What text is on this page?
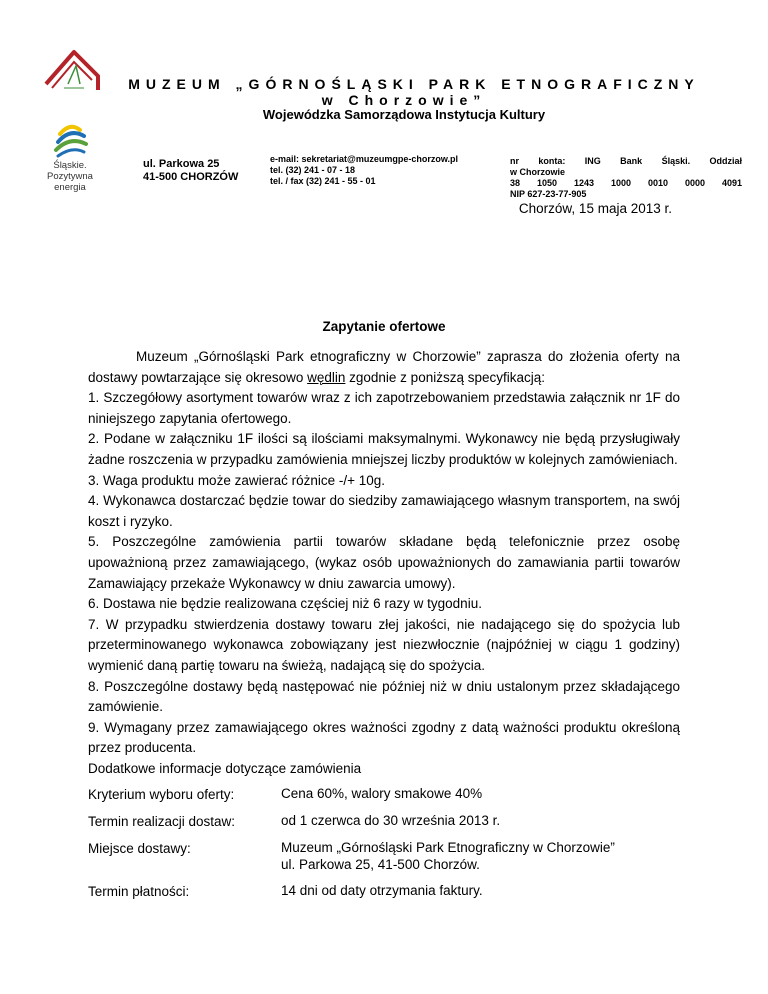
Śląskie.
Pozytywna energia
MUZEUM „GÓRNOŚLĄSKI PARK ETNOGRAFICZNY
w Chorzowie”
Wojewódzka Samorządowa Instytucja Kultury
ul. Parkowa 25
41-500 CHORZÓW
e-mail: sekretariat@muzeumgpe-chorzow.pl
tel. (32) 241 - 07 - 18
tel. / fax (32) 241 - 55 - 01
nr konta: ING Bank Śląski. Oddział
w Chorzowie
38 1050 1243 1000 0010 0000 4091
NIP 627-23-77-905
Chorzów, 15 maja 2013 r.
Zapytanie ofertowe

Muzeum „Górnośląski Park etnograficzny w Chorzowie” zaprasza do złożenia oferty na dostawy powtarzające się okresowo wędlin zgodnie z poniższą specyfikacją:

1. Szczegółowy asortyment towarów wraz z ich zapotrzebowaniem przedstawia załącznik nr 1F do niniejszego zapytania ofertowego.

2. Podane w załączniku 1F ilości są ilościami maksymalnymi. Wykonawcy nie będą przysługiwały żadne roszczenia w przypadku zamówienia mniejszej liczby produktów w kolejnych zamówieniach.

3. Waga produktu może zawierać różnice -/+ 10g.

4. Wykonawca dostarczać będzie towar do siedziby zamawiającego własnym transportem, na swój koszt i ryzyko.

5. Poszczególne zamówienia partii towarów składane będą telefonicznie przez osobę upoważnioną przez zamawiającego, (wykaz osób upoważnionych do zamawiania partii towarów Zamawiający przekaże Wykonawcy w dniu zawarcia umowy).

6. Dostawa nie będzie realizowana częściej niż 6 razy w tygodniu.

7. W przypadku stwierdzenia dostawy towaru złej jakości, nie nadającego się do spożycia lub przeterminowanego wykonawca zobowiązany jest niezwłocznie (najpóźniej w ciągu 1 godziny) wymienić daną partię towaru na świeżą, nadającą się do spożycia.

8. Poszczególne dostawy będą następować nie później niż w dniu ustalonym przez składającego zamówienie.

9. Wymagany przez zamawiającego okres ważności zgodny z datą ważności produktu określoną przez producenta.

Dodatkowe informacje dotyczące zamówienia

Kryterium wyboru oferty:	Cena 60%, walory smakowe 40%
Termin realizacji dostaw:	od 1 czerwca do 30 września 2013 r.
Miejsce dostawy:	Muzeum „Górnośląski Park Etnograficzny w Chorzowie”
ul. Parkowa 25, 41-500 Chorzów.
Termin płatności:	14 dni od daty otrzymania faktury.
